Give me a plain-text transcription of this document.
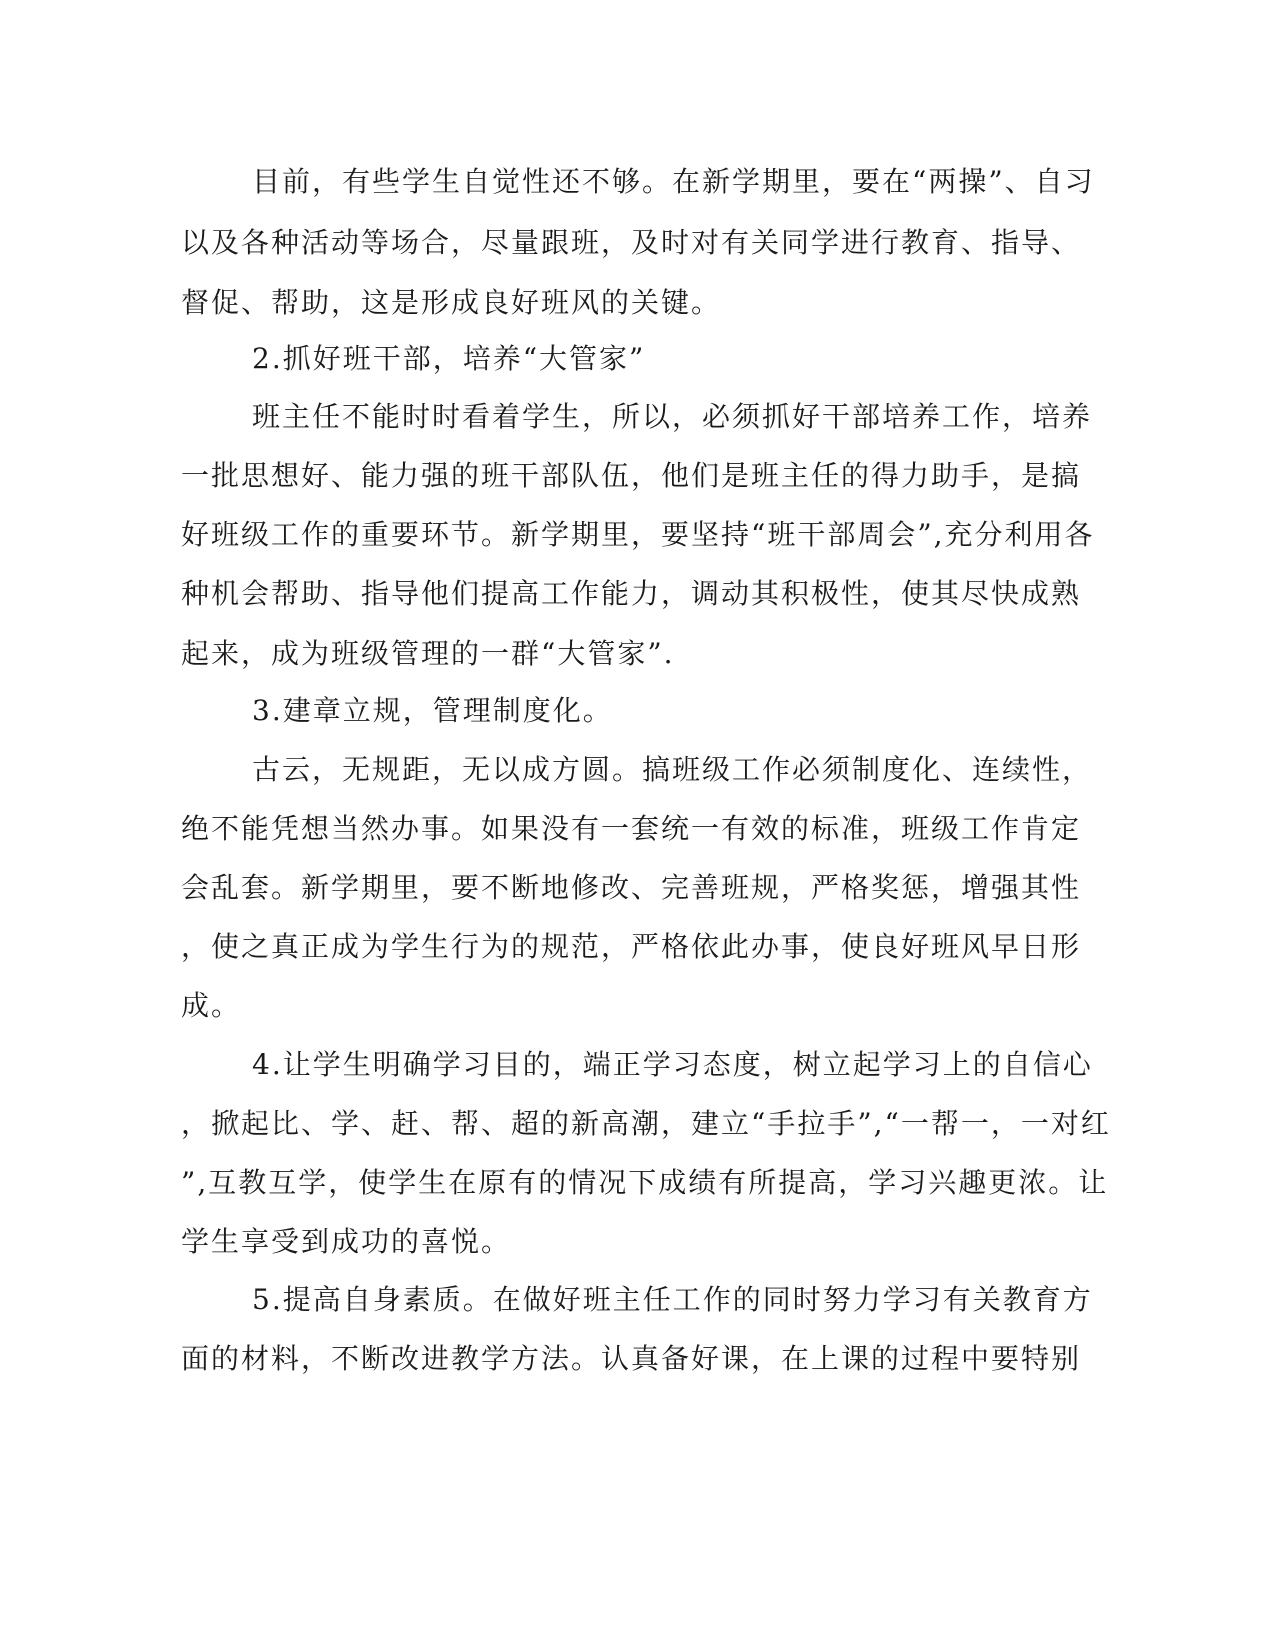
目前，有些学生自觉性还不够。在新学期里，要在“两操”、自习
以及各种活动等场合，尽量跟班，及时对有关同学进行教育、指导、
督促、帮助，这是形成良好班风的关键。
2.抓好班干部，培养“大管家”
班主任不能时时看着学生，所以，必须抓好干部培养工作，培养
一批思想好、能力强的班干部队伍，他们是班主任的得力助手，是搞
好班级工作的重要环节。新学期里，要坚持“班干部周会”,充分利用各
种机会帮助、指导他们提高工作能力，调动其积极性，使其尽快成熟
起来，成为班级管理的一群“大管家”.
3.建章立规，管理制度化。
古云，无规距，无以成方圆。搞班级工作必须制度化、连续性，
绝不能凭想当然办事。如果没有一套统一有效的标准，班级工作肯定
会乱套。新学期里，要不断地修改、完善班规，严格奖惩，增强其性
，使之真正成为学生行为的规范，严格依此办事，使良好班风早日形
成。
4.让学生明确学习目的，端正学习态度，树立起学习上的自信心
，掀起比、学、赶、帮、超的新高潮，建立“手拉手”,“一帮一，一对红
”,互教互学，使学生在原有的情况下成绩有所提高，学习兴趣更浓。让
学生享受到成功的喜悦。
5.提高自身素质。在做好班主任工作的同时努力学习有关教育方
面的材料，不断改进教学方法。认真备好课，在上课的过程中要特别
